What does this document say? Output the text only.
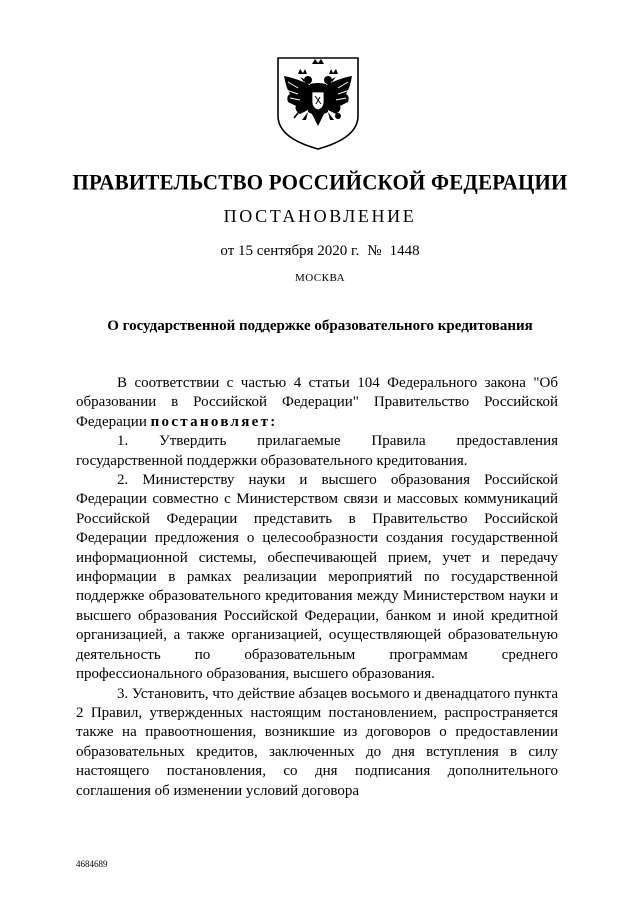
ПРАВИТЕЛЬСТВО РОССИЙСКОЙ ФЕДЕРАЦИИ
ПОСТАНОВЛЕНИЕ
от 15 сентября 2020 г. № 1448
МОСКВА
О государственной поддержке образовательного кредитования

В соответствии с частью 4 статьи 104 Федерального закона "Об образовании в Российской Федерации" Правительство Российской Федерации постановляет:

1. Утвердить прилагаемые Правила предоставления государственной поддержки образовательного кредитования.

2. Министерству науки и высшего образования Российской Федерации совместно с Министерством связи и массовых коммуникаций Российской Федерации представить в Правительство Российской Федерации предложения о целесообразности создания государственной информационной системы, обеспечивающей прием, учет и передачу информации в рамках реализации мероприятий по государственной поддержке образовательного кредитования между Министерством науки и высшего образования Российской Федерации, банком и иной кредитной организацией, а также организацией, осуществляющей образовательную деятельность по образовательным программам среднего профессионального образования, высшего образования.

3. Установить, что действие абзацев восьмого и двенадцатого пункта 2 Правил, утвержденных настоящим постановлением, распространяется также на правоотношения, возникшие из договоров о предоставлении образовательных кредитов, заключенных до дня вступления в силу настоящего постановления, со дня подписания дополнительного соглашения об изменении условий договора

4684689
